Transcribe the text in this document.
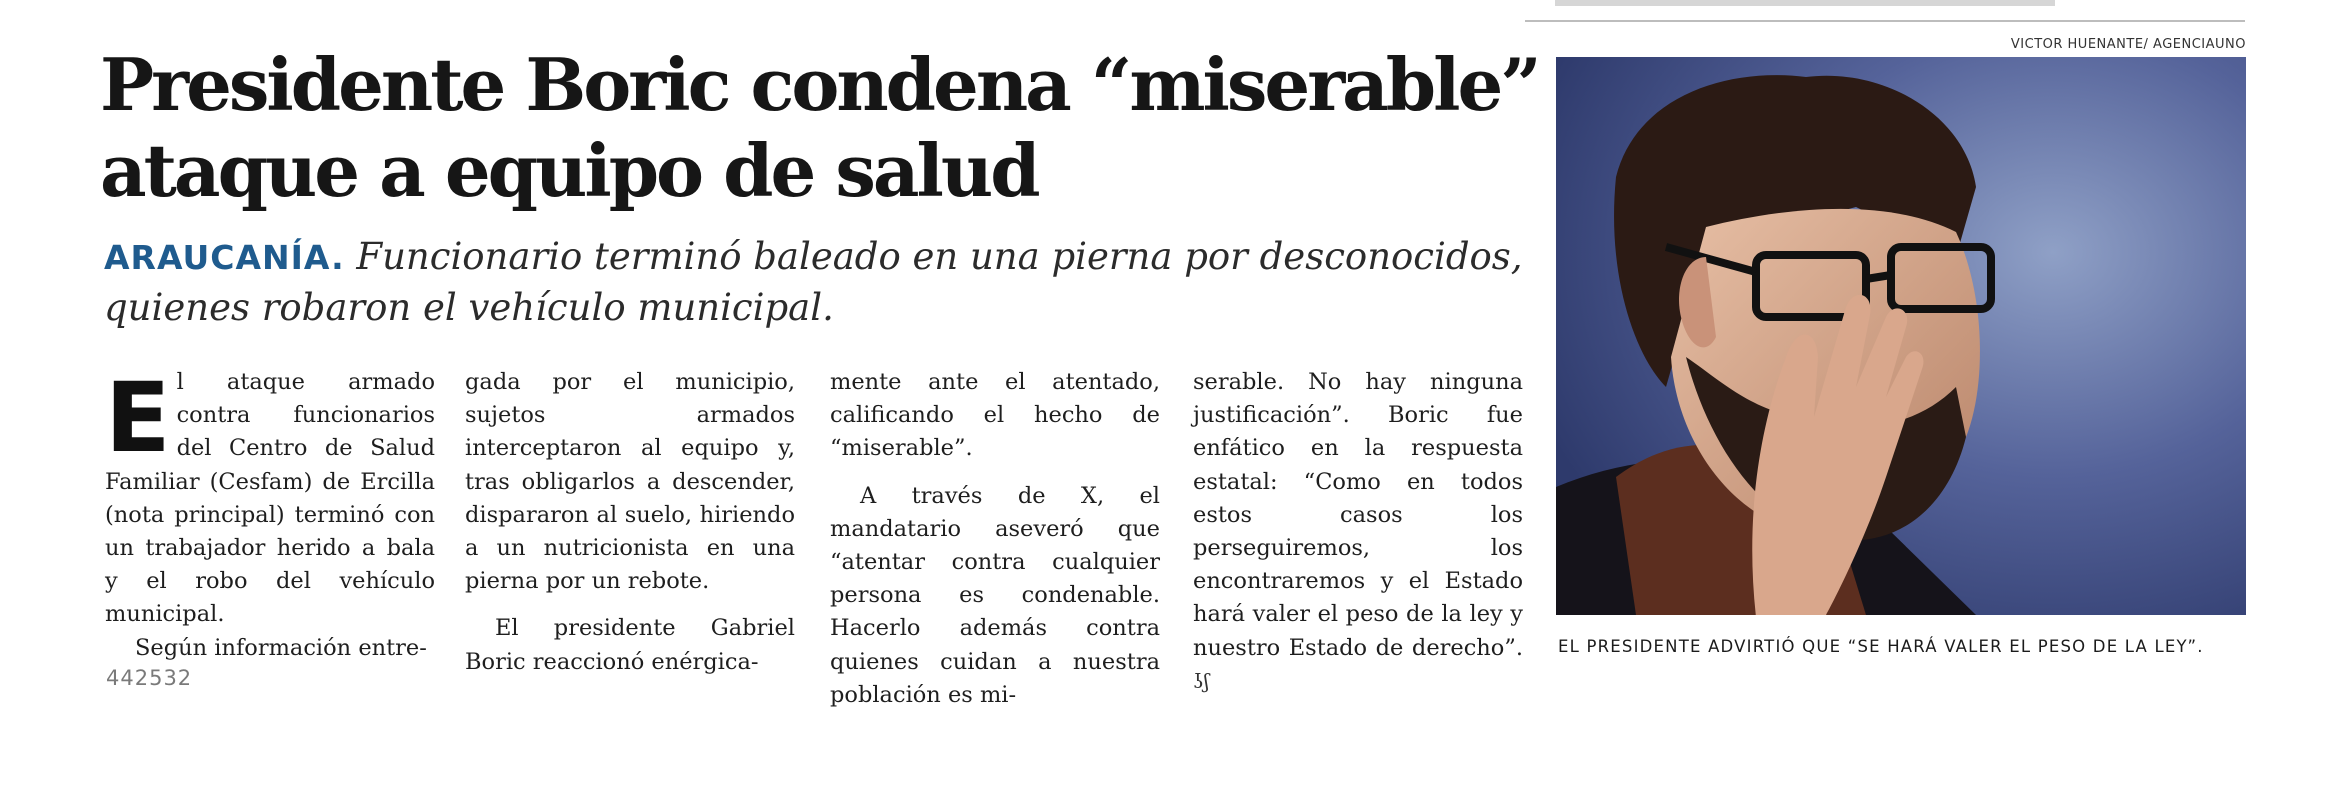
Presidente Boric condena “miserable” ataque a equipo de salud
ARAUCANÍA. Funcionario terminó baleado en una pierna por desconocidos, quienes robaron el vehículo municipal.

El ataque armado contra funcionarios del Centro de Salud Familiar (Cesfam) de Ercilla (nota principal) terminó con un trabajador herido a bala y el robo del vehículo municipal.

Según información entre-

gada por el municipio, sujetos armados interceptaron al equipo y, tras obligarlos a descender, dispararon al suelo, hiriendo a un nutricionista en una pierna por un rebote.

El presidente Gabriel Boric reaccionó enérgica-

mente ante el atentado, calificando el hecho de “miserable”.

A través de X, el mandatario aseveró que “atentar contra cualquier persona es condenable. Hacerlo además contra quienes cuidan a nuestra población es mi-

serable. No hay ninguna justificación”. Boric fue enfático en la respuesta estatal: “Como en todos estos casos los perseguiremos, los encontraremos y el Estado hará valer el peso de la ley y nuestro Estado de derecho”. ʖʃ

442532
VICTOR HUENANTE/ AGENCIAUNO
EL PRESIDENTE ADVIRTIÓ QUE “SE HARÁ VALER EL PESO DE LA LEY”.
